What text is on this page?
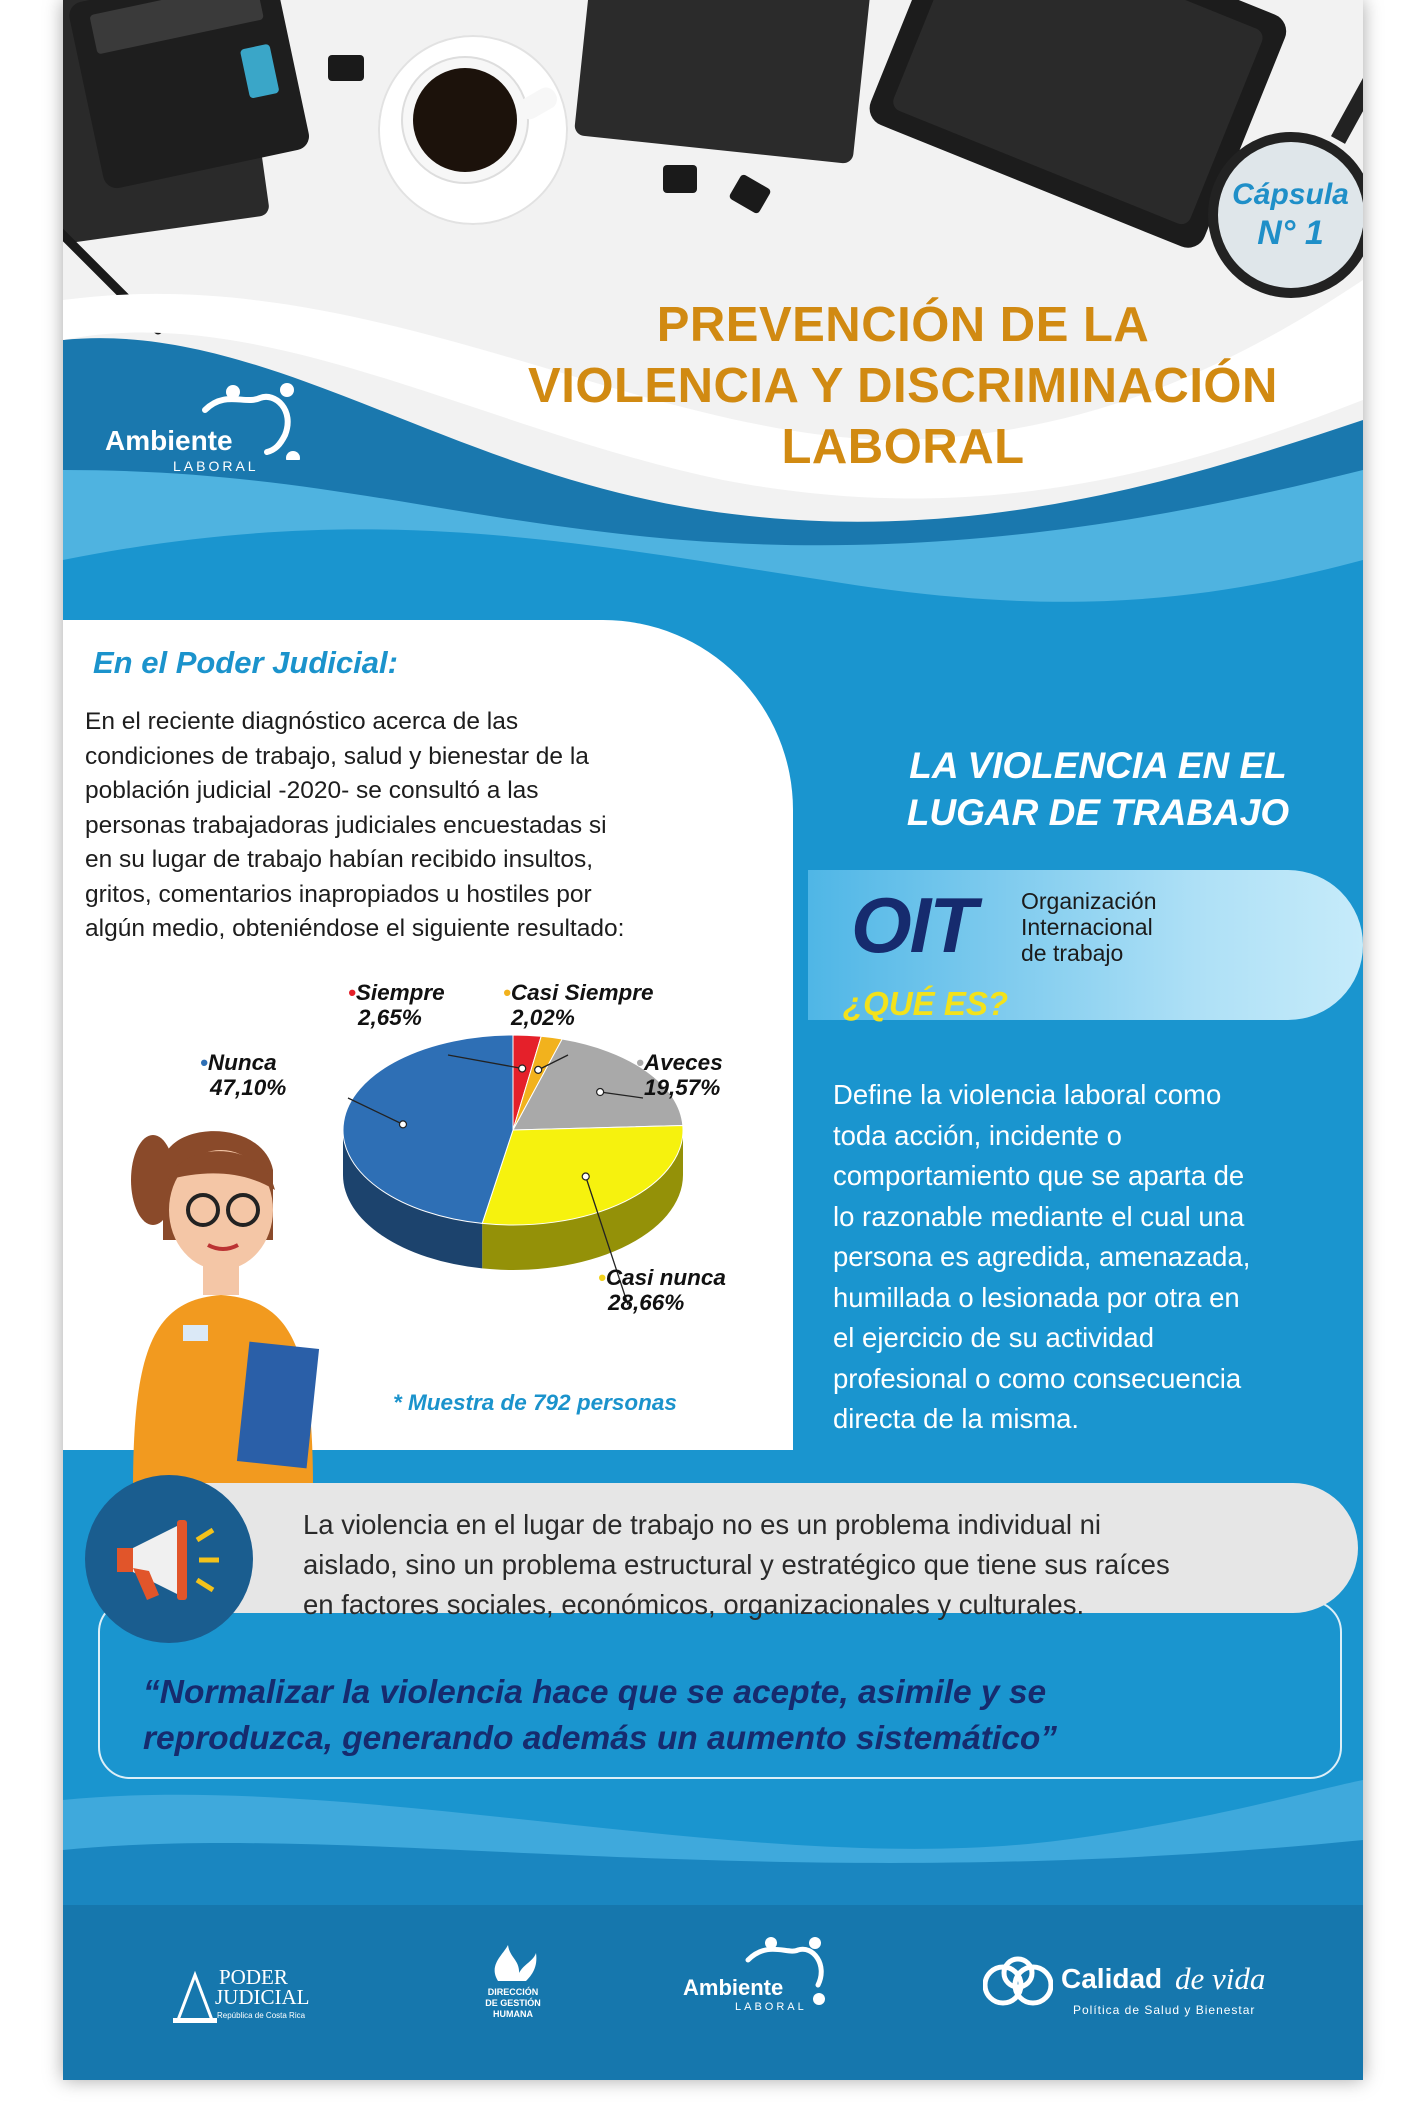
Cápsula
N° 1
PREVENCIÓN DE LA
VIOLENCIA Y DISCRIMINACIÓN
LABORAL
Ambiente
LABORAL
En el Poder Judicial:
En el reciente diagnóstico acerca de las
condiciones de trabajo, salud y bienestar de la
población judicial -2020- se consultó a las
personas trabajadoras judiciales encuestadas si
en su lugar de trabajo habían recibido insultos,
gritos, comentarios inapropiados u hostiles por
algún medio, obteniéndose el siguiente resultado:
•Siempre
2,65%
•Casi Siempre
2,02%
•Aveces
19,57%
•Casi nunca
28,66%
•Nunca
47,10%
* Muestra de 792 personas
LA VIOLENCIA EN EL
LUGAR DE TRABAJO
OIT Organización
Internacional
de trabajo
¿QUÉ ES?
Define la violencia laboral como
toda acción, incidente o
comportamiento que se aparta de
lo razonable mediante el cual una
persona es agredida, amenazada,
humillada o lesionada por otra en
el ejercicio de su actividad
profesional o como consecuencia
directa de la misma.
La violencia en el lugar de trabajo no es un problema individual ni
aislado, sino un problema estructural y estratégico que tiene sus raíces
en factores sociales, económicos, organizacionales y culturales.
“Normalizar la violencia hace que se acepte, asimile y se
reproduzca, generando además un aumento sistemático”
PODER
JUDICIAL
República de Costa Rica
DIRECCIÓN
DE GESTIÓN
HUMANA
Ambiente
LABORAL
Calidad de vida
Política de Salud y Bienestar
